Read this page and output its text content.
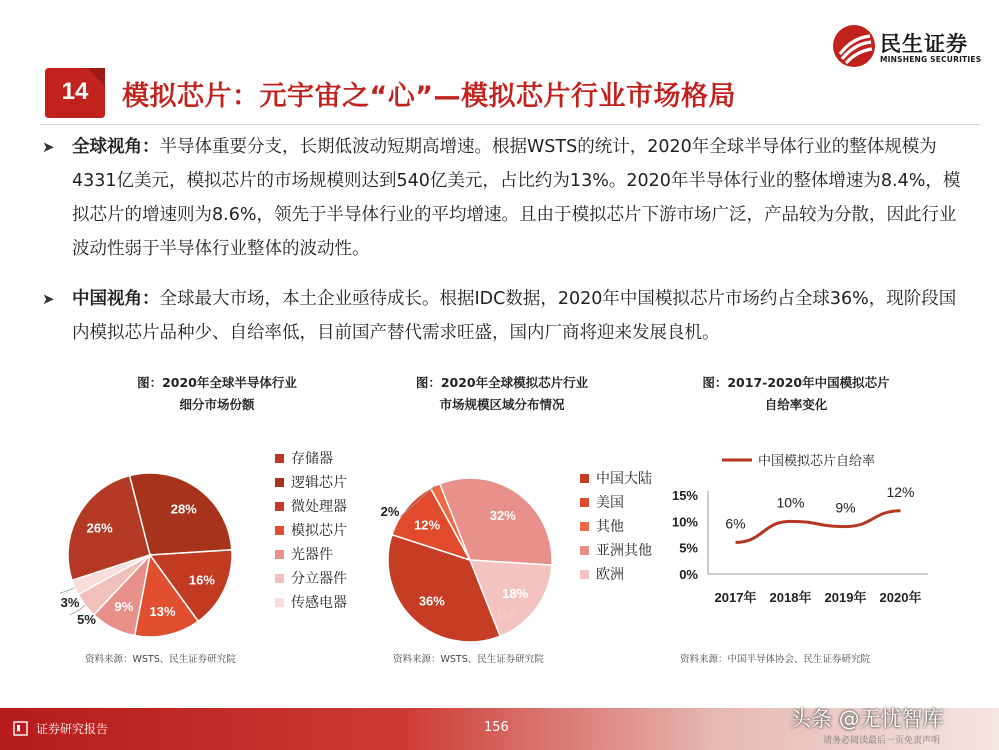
民生证券
MINSHENG SECURITIES
14	模拟芯片：元宇宙之“心”—模拟芯片行业市场格局
➤ 全球视角：半导体重要分支，长期低波动短期高增速。根据WSTS的统计，2020年全球半导体行业的整体规模为4331亿美元，模拟芯片的市场规模则达到540亿美元，占比约为13%。2020年半导体行业的整体增速为8.4%，模拟芯片的增速则为8.6%，领先于半导体行业的平均增速。且由于模拟芯片下游市场广泛，产品较为分散，因此行业波动性弱于半导体行业整体的波动性。
➤ 中国视角：全球最大市场，本土企业亟待成长。根据IDC数据，2020年中国模拟芯片市场约占全球36%，现阶段国内模拟芯片品种少、自给率低，目前国产替代需求旺盛，国内厂商将迎来发展良机。
图：2020年全球半导体行业
细分市场份额
图：2020年全球模拟芯片行业
市场规模区域分布情况
图：2017-2020年中国模拟芯片
自给率变化
26%
28%
16%
13%
9%
5%
3%
存储器
逻辑芯片
微处理器
模拟芯片
光器件
分立器件
传感电器	36%
12%
2%	32%
18%
156
中国大陆
美国
其他
亚洲其他
欧洲	0%
5%
10%
15%
2017年 2018年 2019年 2020年
6%
10% 9%
12%
中国模拟芯片自给率
资料来源：WSTS、民生证券研究院	资料来源：WSTS、民生证券研究院	资料来源：中国半导体协会、民生证券研究院
证券研究报告	156
请务必阅读最后一页免责声明
头条 @无忧智库
